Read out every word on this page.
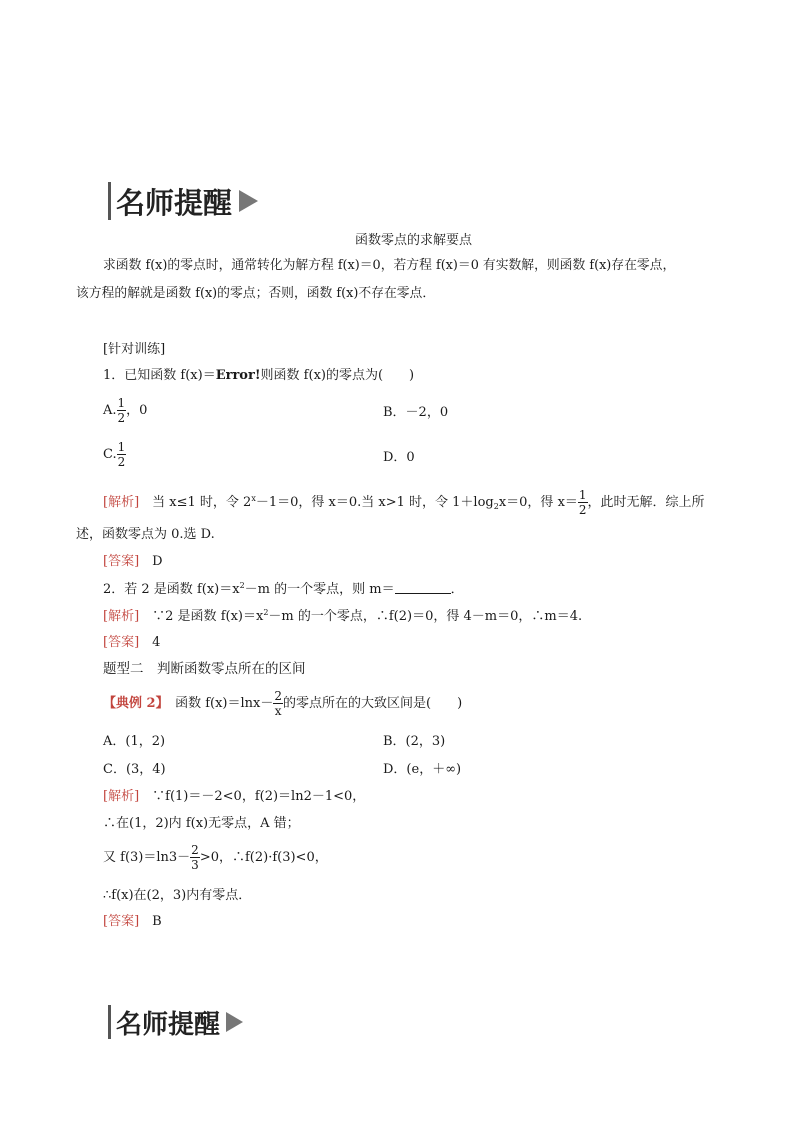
名师提醒
函数零点的求解要点
求函数 f(x)的零点时，通常转化为解方程 f(x)＝0，若方程 f(x)＝0 有实数解，则函数 f(x)存在零点，
该方程的解就是函数 f(x)的零点；否则，函数 f(x)不存在零点．
[针对训练]
1．已知函数 f(x)＝Error!则函数 f(x)的零点为(　　)
A. $\frac{1}{2}$ ，0	B．－2，0
C. $\frac{1}{2}$	D．0
[解析]　当 x≤1 时，令 $2^x-1=0$，得 x＝0.当 x>1 时，令 $1+\log_2x=0$，得 $x= \frac{1}{2}$ ，此时无解．综上所
述，函数零点为 0.选 D.
[答案]　D
2．若 2 是函数 $f(x)=x^2-m$ 的一个零点，则 m＝	．
[解析]　∵2 是函数 $f(x)=x^2-m$ 的一个零点，∴f(2)＝0，得 4－m＝0，∴m＝4.
[答案]　4
题型二　判断函数零点所在的区间
【典例 2】　函数 $f(x)=\ln x- \frac{2}{x}$ 的零点所在的大致区间是(　　)
A．(1，2)	B．(2，3)
C．(3，4)	D．(e，＋∞)
[解析]　∵f(1)＝－2<0，f(2)＝ln2－1<0，
∴在(1，2)内 f(x)无零点，A 错；
又 $f(3)=\ln 3- \frac{2}{3} >0$，∴f(2)·f(3)<0，
∴f(x)在(2，3)内有零点．
[答案]　B
名师提醒
